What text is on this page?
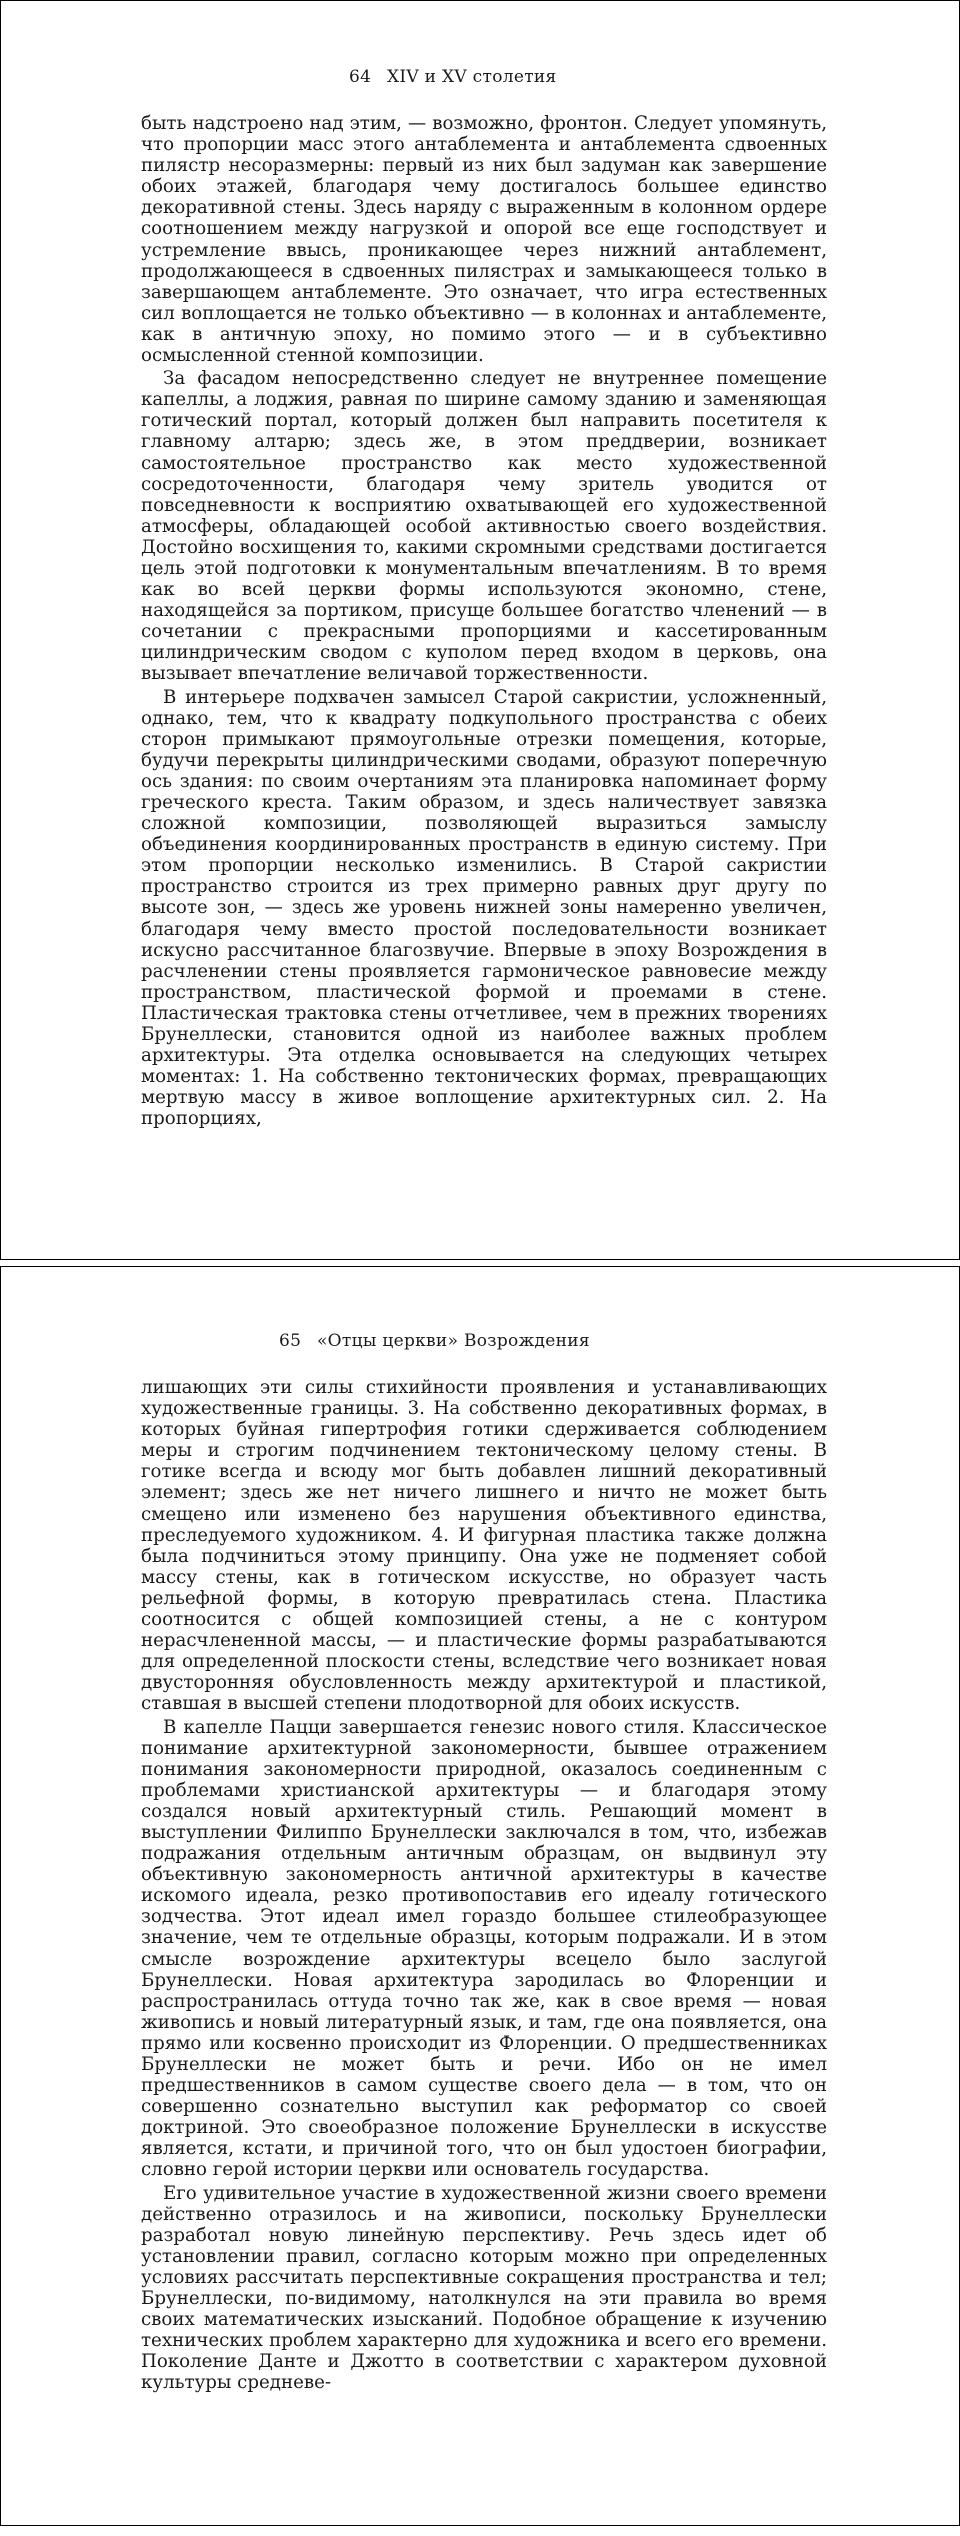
64 XIV и XV столетия

быть надстроено над этим, — возможно, фронтон. Следует упомянуть, что пропорции масс этого антаблемента и антаблемента сдвоенных пилястр несоразмерны: первый из них был задуман как завершение обоих этажей, благодаря чему достигалось большее единство декоративной стены. Здесь наряду с выраженным в колонном ордере соотношением между нагрузкой и опорой все еще господствует и устремление ввысь, проникающее через нижний антаблемент, продолжающееся в сдвоенных пилястрах и замыкающееся только в завершающем антаблементе. Это означает, что игра естественных сил воплощается не только объективно — в колоннах и антаблементе, как в античную эпоху, но помимо этого — и в субъективно осмысленной стенной композиции.

За фасадом непосредственно следует не внутреннее помещение капеллы, а лоджия, равная по ширине самому зданию и заменяющая готический портал, который должен был направить посетителя к главному алтарю; здесь же, в этом преддверии, возникает самостоятельное пространство как место художественной сосредоточенности, благодаря чему зритель уводится от повседневности к восприятию охватывающей его художественной атмосферы, обладающей особой активностью своего воздействия. Достойно восхищения то, какими скромными средствами достигается цель этой подготовки к монументальным впечатлениям. В то время как во всей церкви формы используются экономно, стене, находящейся за портиком, присуще большее богатство членений — в сочетании с прекрасными пропорциями и кассетированным цилиндрическим сводом с куполом перед входом в церковь, она вызывает впечатление величавой торжественности.

В интерьере подхвачен замысел Старой сакристии, усложненный, однако, тем, что к квадрату подкупольного пространства с обеих сторон примыкают прямоугольные отрезки помещения, которые, будучи перекрыты цилиндрическими сводами, образуют поперечную ось здания: по своим очертаниям эта планировка напоминает форму греческого креста. Таким образом, и здесь наличествует завязка сложной композиции, позволяющей выразиться замыслу объединения координированных пространств в единую систему. При этом пропорции несколько изменились. В Старой сакристии пространство строится из трех примерно равных друг другу по высоте зон, — здесь же уровень нижней зоны намеренно увеличен, благодаря чему вместо простой последовательности возникает искусно рассчитанное благозвучие. Впервые в эпоху Возрождения в расчленении стены проявляется гармоническое равновесие между пространством, пластической формой и проемами в стене. Пластическая трактовка стены отчетливее, чем в прежних творениях Брунеллески, становится одной из наиболее важных проблем архитектуры. Эта отделка основывается на следующих четырех моментах: 1. На собственно тектонических формах, превращающих мертвую массу в живое воплощение архитектурных сил. 2. На пропорциях,

65 «Отцы церкви» Возрождения

лишающих эти силы стихийности проявления и устанавливающих художественные границы. 3. На собственно декоративных формах, в которых буйная гипертрофия готики сдерживается соблюдением меры и строгим подчинением тектоническому целому стены. В готике всегда и всюду мог быть добавлен лишний декоративный элемент; здесь же нет ничего лишнего и ничто не может быть смещено или изменено без нарушения объективного единства, преследуемого художником. 4. И фигурная пластика также должна была подчиниться этому принципу. Она уже не подменяет собой массу стены, как в готическом искусстве, но образует часть рельефной формы, в которую превратилась стена. Пластика соотносится с общей композицией стены, а не с контуром нерасчлененной массы, — и пластические формы разрабатываются для определенной плоскости стены, вследствие чего возникает новая двусторонняя обусловленность между архитектурой и пластикой, ставшая в высшей степени плодотворной для обоих искусств.

В капелле Пацци завершается генезис нового стиля. Классическое понимание архитектурной закономерности, бывшее отражением понимания закономерности природной, оказалось соединенным с проблемами христианской архитектуры — и благодаря этому создался новый архитектурный стиль. Решающий момент в выступлении Филиппо Брунеллески заключался в том, что, избежав подражания отдельным античным образцам, он выдвинул эту объективную закономерность античной архитектуры в качестве искомого идеала, резко противопоставив его идеалу готического зодчества. Этот идеал имел гораздо большее стилеобразующее значение, чем те отдельные образцы, которым подражали. И в этом смысле возрождение архитектуры всецело было заслугой Брунеллески. Новая архитектура зародилась во Флоренции и распространилась оттуда точно так же, как в свое время — новая живопись и новый литературный язык, и там, где она появляется, она прямо или косвенно происходит из Флоренции. О предшественниках Брунеллески не может быть и речи. Ибо он не имел предшественников в самом существе своего дела — в том, что он совершенно сознательно выступил как реформатор со своей доктриной. Это своеобразное положение Брунеллески в искусстве является, кстати, и причиной того, что он был удостоен биографии, словно герой истории церкви или основатель государства.

Его удивительное участие в художественной жизни своего времени действенно отразилось и на живописи, поскольку Брунеллески разработал новую линейную перспективу. Речь здесь идет об установлении правил, согласно которым можно при определенных условиях рассчитать перспективные сокращения пространства и тел; Брунеллески, по-видимому, натолкнулся на эти правила во время своих математических изысканий. Подобное обращение к изучению технических проблем характерно для художника и всего его времени. Поколение Данте и Джотто в соответствии с характером духовной культуры средневе-
